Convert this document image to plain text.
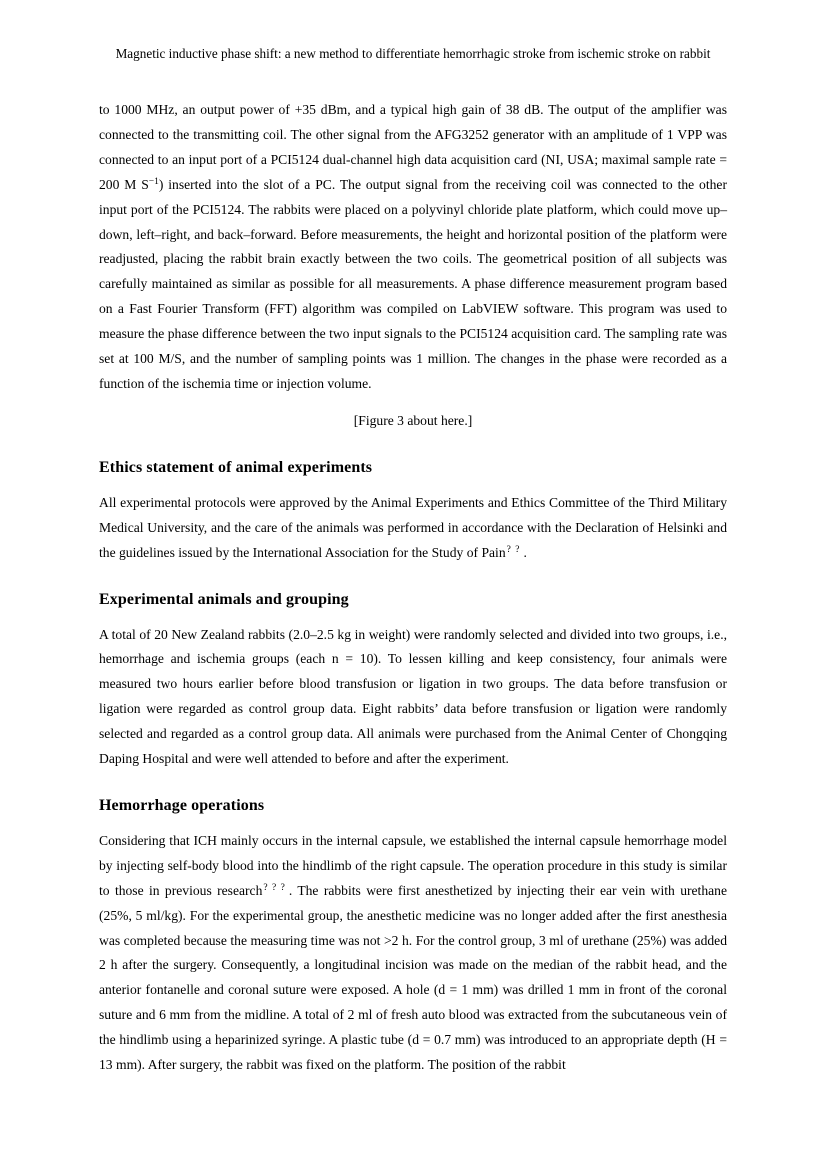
Magnetic inductive phase shift: a new method to differentiate hemorrhagic stroke from ischemic stroke on rabbit

to 1000 MHz, an output power of +35 dBm, and a typical high gain of 38 dB. The output of the amplifier was connected to the transmitting coil. The other signal from the AFG3252 generator with an amplitude of 1 VPP was connected to an input port of a PCI5124 dual-channel high data acquisition card (NI, USA; maximal sample rate = 200 M S−1) inserted into the slot of a PC. The output signal from the receiving coil was connected to the other input port of the PCI5124. The rabbits were placed on a polyvinyl chloride plate platform, which could move up–down, left–right, and back–forward. Before measurements, the height and horizontal position of the platform were readjusted, placing the rabbit brain exactly between the two coils. The geometrical position of all subjects was carefully maintained as similar as possible for all measurements. A phase difference measurement program based on a Fast Fourier Transform (FFT) algorithm was compiled on LabVIEW software. This program was used to measure the phase difference between the two input signals to the PCI5124 acquisition card. The sampling rate was set at 100 M/S, and the number of sampling points was 1 million. The changes in the phase were recorded as a function of the ischemia time or injection volume.

[Figure 3 about here.]

Ethics statement of animal experiments

All experimental protocols were approved by the Animal Experiments and Ethics Committee of the Third Military Medical University, and the care of the animals was performed in accordance with the Declaration of Helsinki and the guidelines issued by the International Association for the Study of Pain? ? .

Experimental animals and grouping

A total of 20 New Zealand rabbits (2.0–2.5 kg in weight) were randomly selected and divided into two groups, i.e., hemorrhage and ischemia groups (each n = 10). To lessen killing and keep consistency, four animals were measured two hours earlier before blood transfusion or ligation in two groups. The data before transfusion or ligation were regarded as control group data. Eight rabbits’ data before transfusion or ligation were randomly selected and regarded as a control group data. All animals were purchased from the Animal Center of Chongqing Daping Hospital and were well attended to before and after the experiment.

Hemorrhage operations

Considering that ICH mainly occurs in the internal capsule, we established the internal capsule hemorrhage model by injecting self-body blood into the hindlimb of the right capsule. The operation procedure in this study is similar to those in previous research? ? ? . The rabbits were first anesthetized by injecting their ear vein with urethane (25%, 5 ml/kg). For the experimental group, the anesthetic medicine was no longer added after the first anesthesia was completed because the measuring time was not >2 h. For the control group, 3 ml of urethane (25%) was added 2 h after the surgery. Consequently, a longitudinal incision was made on the median of the rabbit head, and the anterior fontanelle and coronal suture were exposed. A hole (d = 1 mm) was drilled 1 mm in front of the coronal suture and 6 mm from the midline. A total of 2 ml of fresh auto blood was extracted from the subcutaneous vein of the hindlimb using a heparinized syringe. A plastic tube (d = 0.7 mm) was introduced to an appropriate depth (H = 13 mm). After surgery, the rabbit was fixed on the platform. The position of the rabbit
